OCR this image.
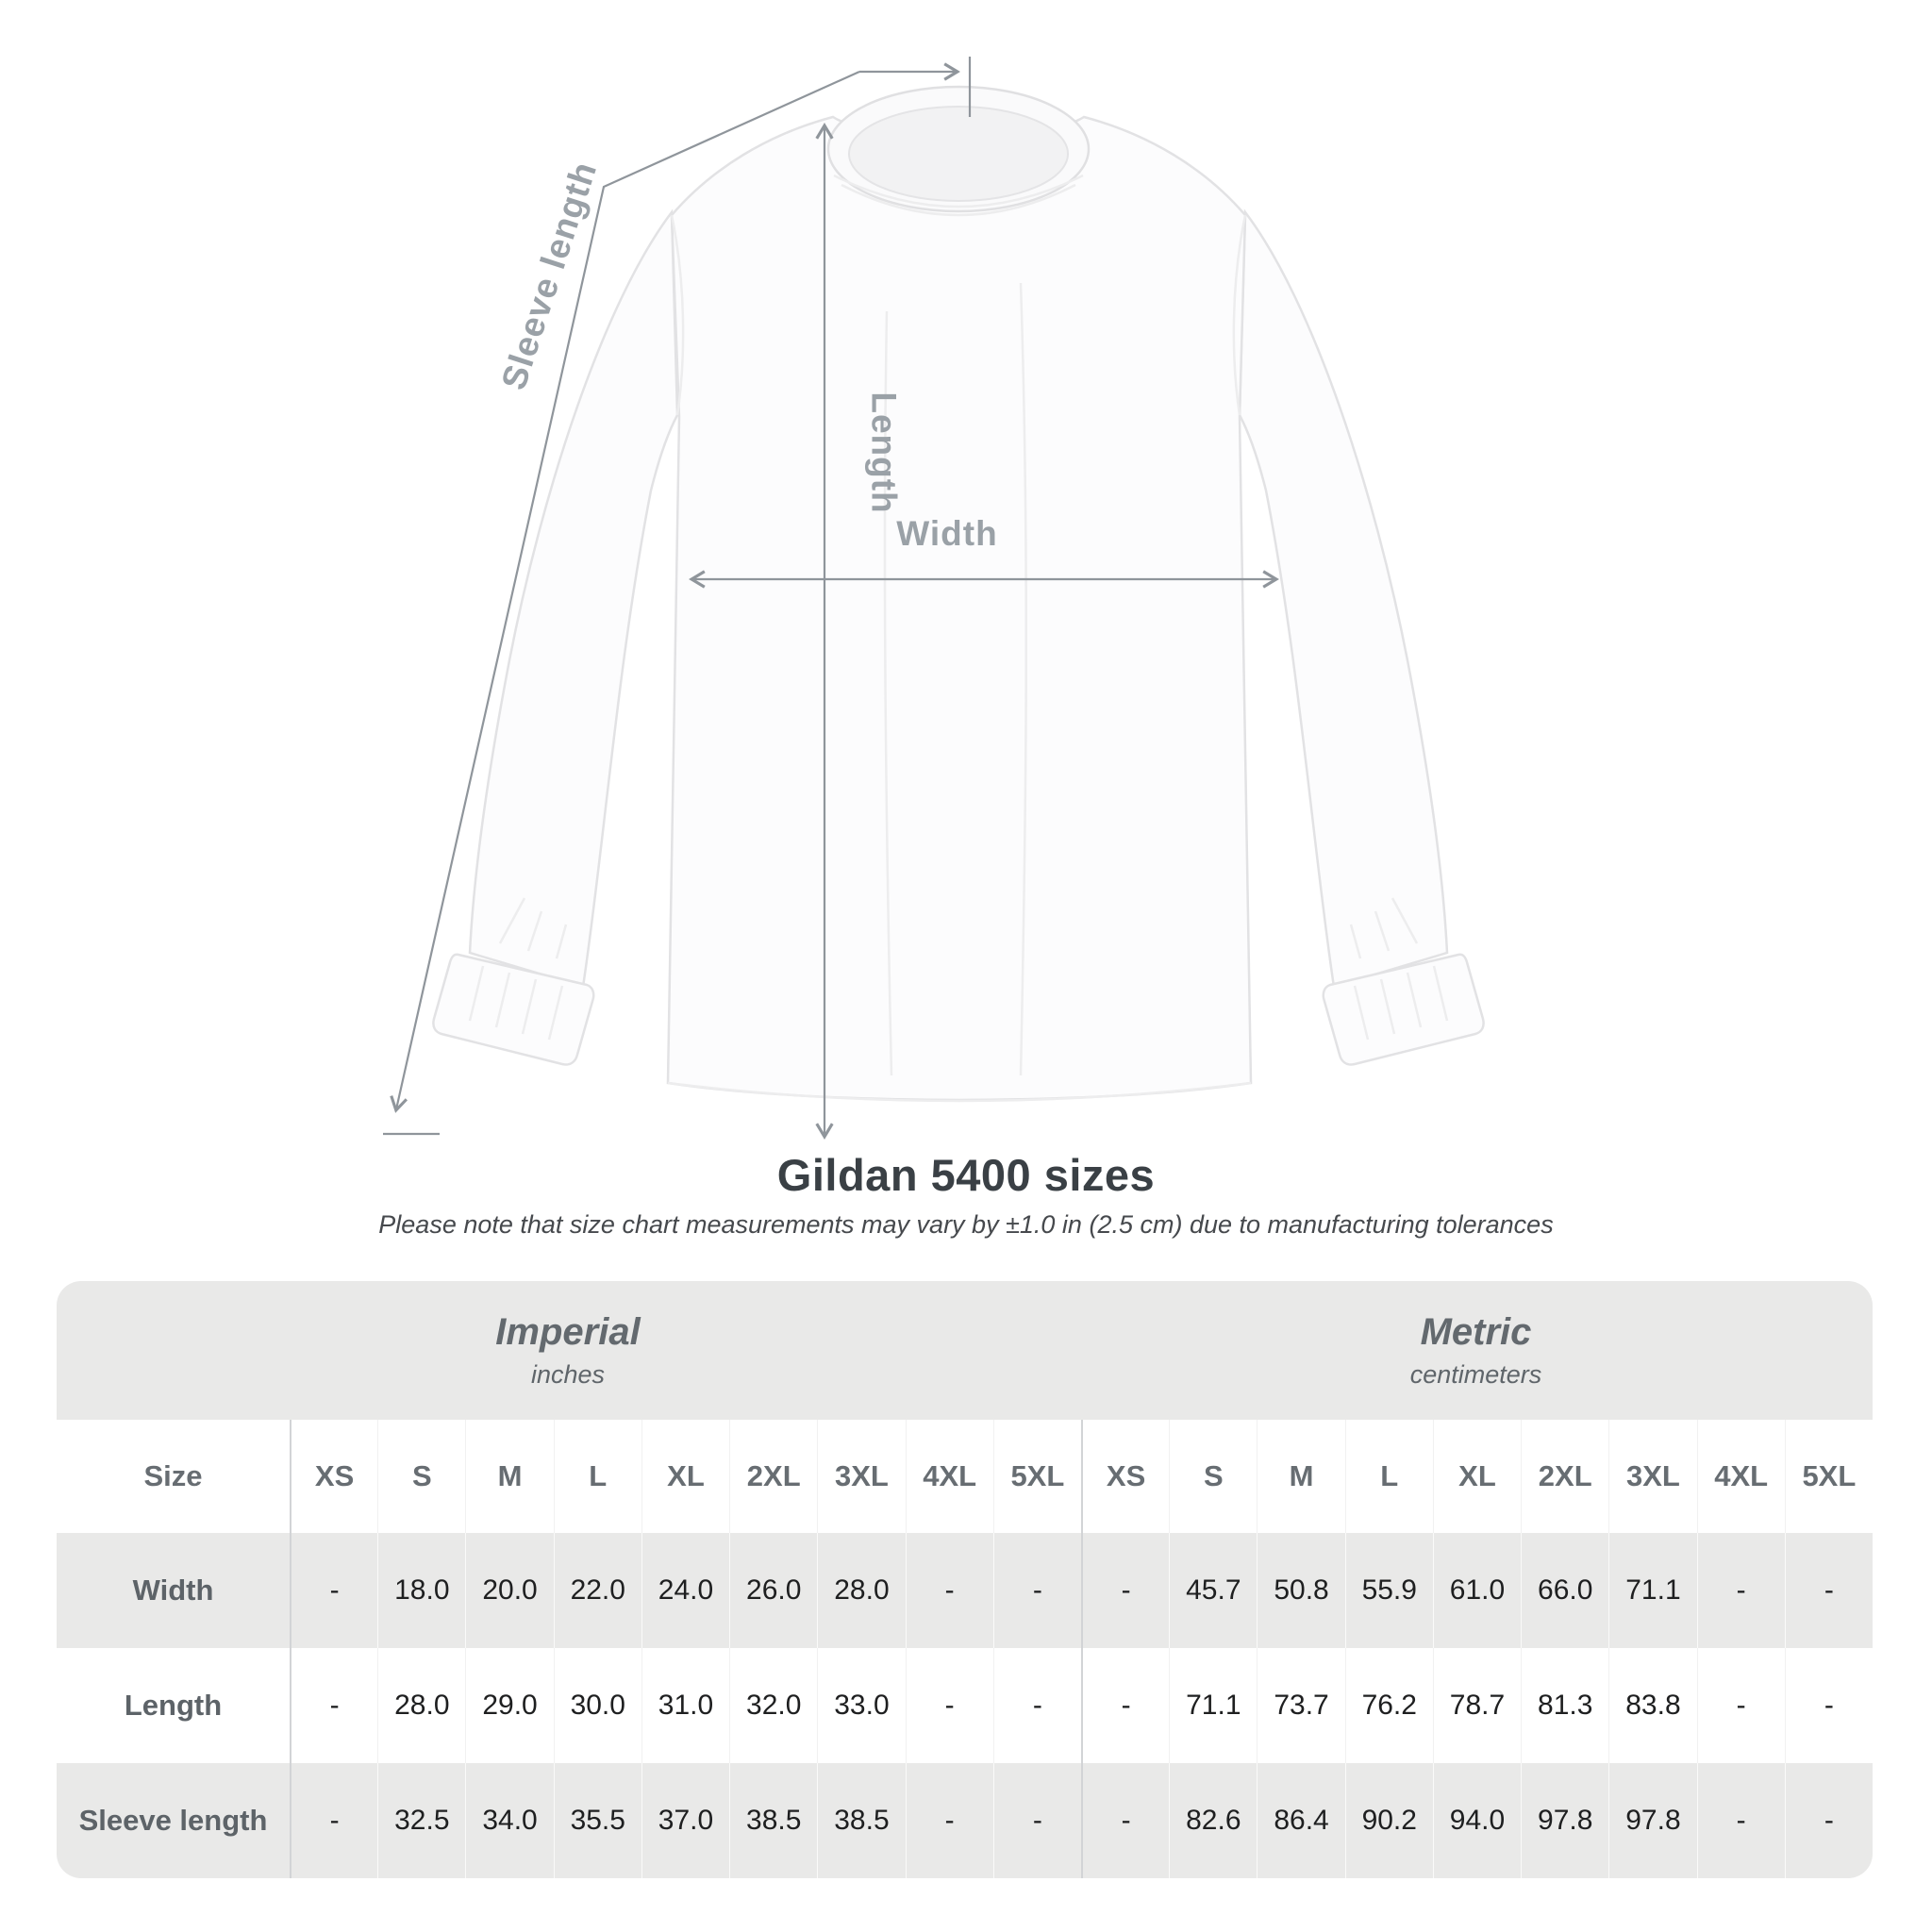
Sleeve length
Length
Width
Gildan 5400 sizes
Please note that size chart measurements may vary by ±1.0 in (2.5 cm) due to manufacturing tolerances
Imperial
inches
Metric
centimeters
Size	XS	S	M	L	XL	2XL	3XL	4XL	5XL	XS	S	M	L	XL	2XL	3XL	4XL	5XL
Width	-	18.0	20.0	22.0	24.0	26.0	28.0	-	-	-	45.7	50.8	55.9	61.0	66.0	71.1	-	-
Length	-	28.0	29.0	30.0	31.0	32.0	33.0	-	-	-	71.1	73.7	76.2	78.7	81.3	83.8	-	-
Sleeve length	-	32.5	34.0	35.5	37.0	38.5	38.5	-	-	-	82.6	86.4	90.2	94.0	97.8	97.8	-	-
